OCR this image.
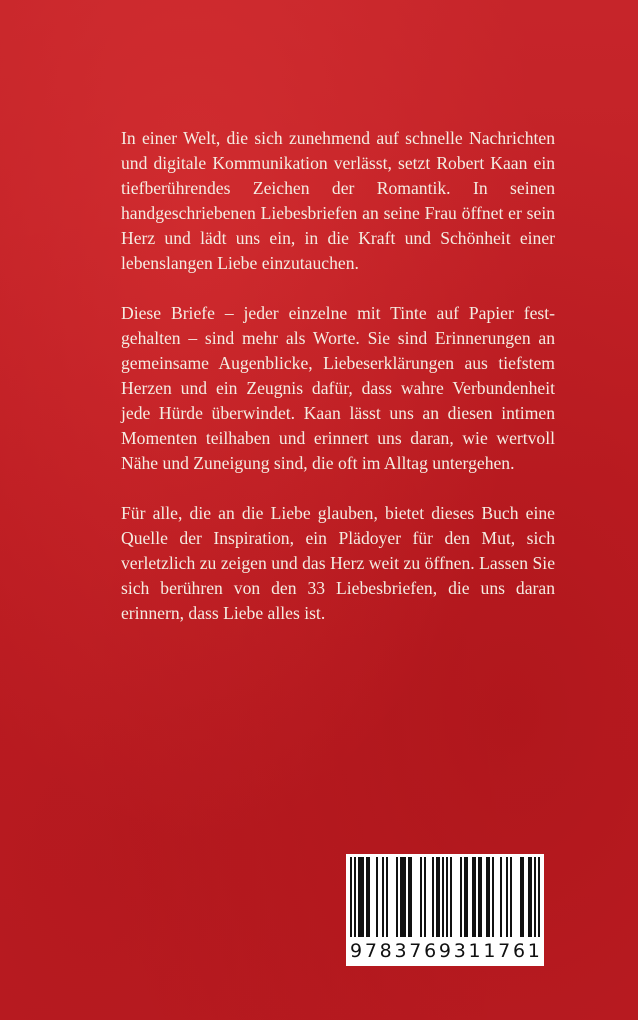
In einer Welt, die sich zunehmend auf schnelle Nachrichten und digitale Kommunikation verlässt, setzt Robert Kaan ein tiefberührendes Zeichen der Romantik. In seinen handgeschriebenen Liebesbriefen an seine Frau öffnet er sein Herz und lädt uns ein, in die Kraft und Schönheit einer lebenslangen Liebe einzutauchen.

Diese Briefe – jeder einzelne mit Tinte auf Papier festgehalten – sind mehr als Worte. Sie sind Erinnerungen an gemeinsame Augenblicke, Liebeserklärungen aus tiefstem Herzen und ein Zeugnis dafür, dass wahre Verbundenheit jede Hürde überwindet. Kaan lässt uns an diesen intimen Momenten teilhaben und erinnert uns daran, wie wertvoll Nähe und Zuneigung sind, die oft im Alltag untergehen.

Für alle, die an die Liebe glauben, bietet dieses Buch eine Quelle der Inspiration, ein Plädoyer für den Mut, sich verletzlich zu zeigen und das Herz weit zu öffnen. Lassen Sie sich berühren von den 33 Liebesbriefen, die uns daran erinnern, dass Liebe alles ist.

9 7 8 3 7 6 9 3 1 1 7 6 1
